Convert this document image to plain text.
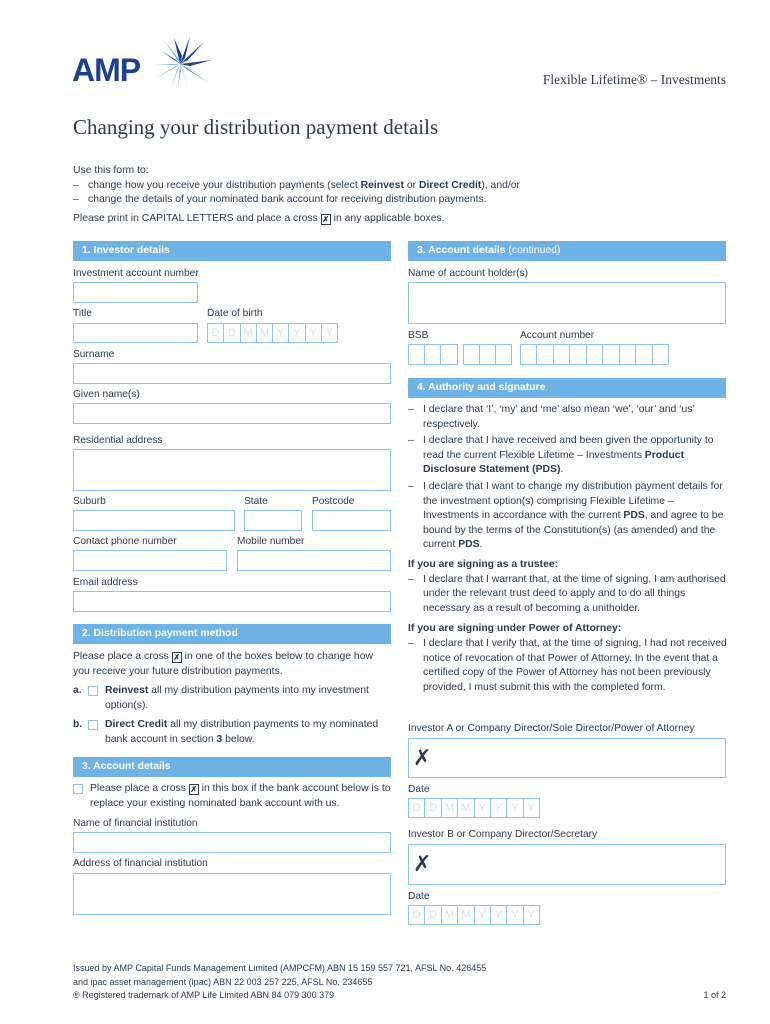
AMP	Flexible Lifetime® – Investments
Changing your distribution payment details
Use this form to:
– change how you receive your distribution payments (select Reinvest or Direct Credit), and/or
– change the details of your nominated bank account for receiving distribution payments.
Please print in CAPITAL LETTERS and place a cross ✗ in any applicable boxes.
1. Investor details
Investment account number
Title	Date of birth
D D M M Y Y Y Y
Surname
Given name(s)
Residential address
Suburb	State	Postcode
Contact phone number	Mobile number
Email address
2. Distribution payment method
Please place a cross ✗ in one of the boxes below to change how you receive your future distribution payments.
a.	Reinvest all my distribution payments into my investment option(s).
b.	Direct Credit all my distribution payments to my nominated bank account in section 3 below.
3. Account details
Please place a cross ✗ in this box if the bank account below is to replace your existing nominated bank account with us.
Name of financial institution
Address of financial institution
3. Account details (continued)
Name of account holder(s)
BSB	Account number
4. Authority and signature
– I declare that ‘I’, ‘my’ and ‘me’ also mean ‘we’, ‘our’ and ‘us’ respectively.
– I declare that I have received and been given the opportunity to read the current Flexible Lifetime – Investments Product Disclosure Statement (PDS).
– I declare that I want to change my distribution payment details for the investment option(s) comprising Flexible Lifetime – Investments in accordance with the current PDS, and agree to be bound by the terms of the Constitution(s) (as amended) and the current PDS.
If you are signing as a trustee:
– I declare that I warrant that, at the time of signing, I am authorised under the relevant trust deed to apply and to do all things necessary as a result of becoming a unitholder.
If you are signing under Power of Attorney:
– I declare that I verify that, at the time of signing, I had not received notice of revocation of that Power of Attorney. In the event that a certified copy of the Power of Attorney has not been previously provided, I must submit this with the completed form.
Investor A or Company Director/Sole Director/Power of Attorney
✗
Date
D D M M Y Y Y Y
Investor B or Company Director/Secretary
✗
Date
D D M M Y Y Y Y
Issued by AMP Capital Funds Management Limited (AMPCFM) ABN 15 159 557 721, AFSL No. 426455
and ipac asset management (ipac) ABN 22 003 257 225, AFSL No. 234655
® Registered trademark of AMP Life Limited ABN 84 079 300 379	1 of 2
